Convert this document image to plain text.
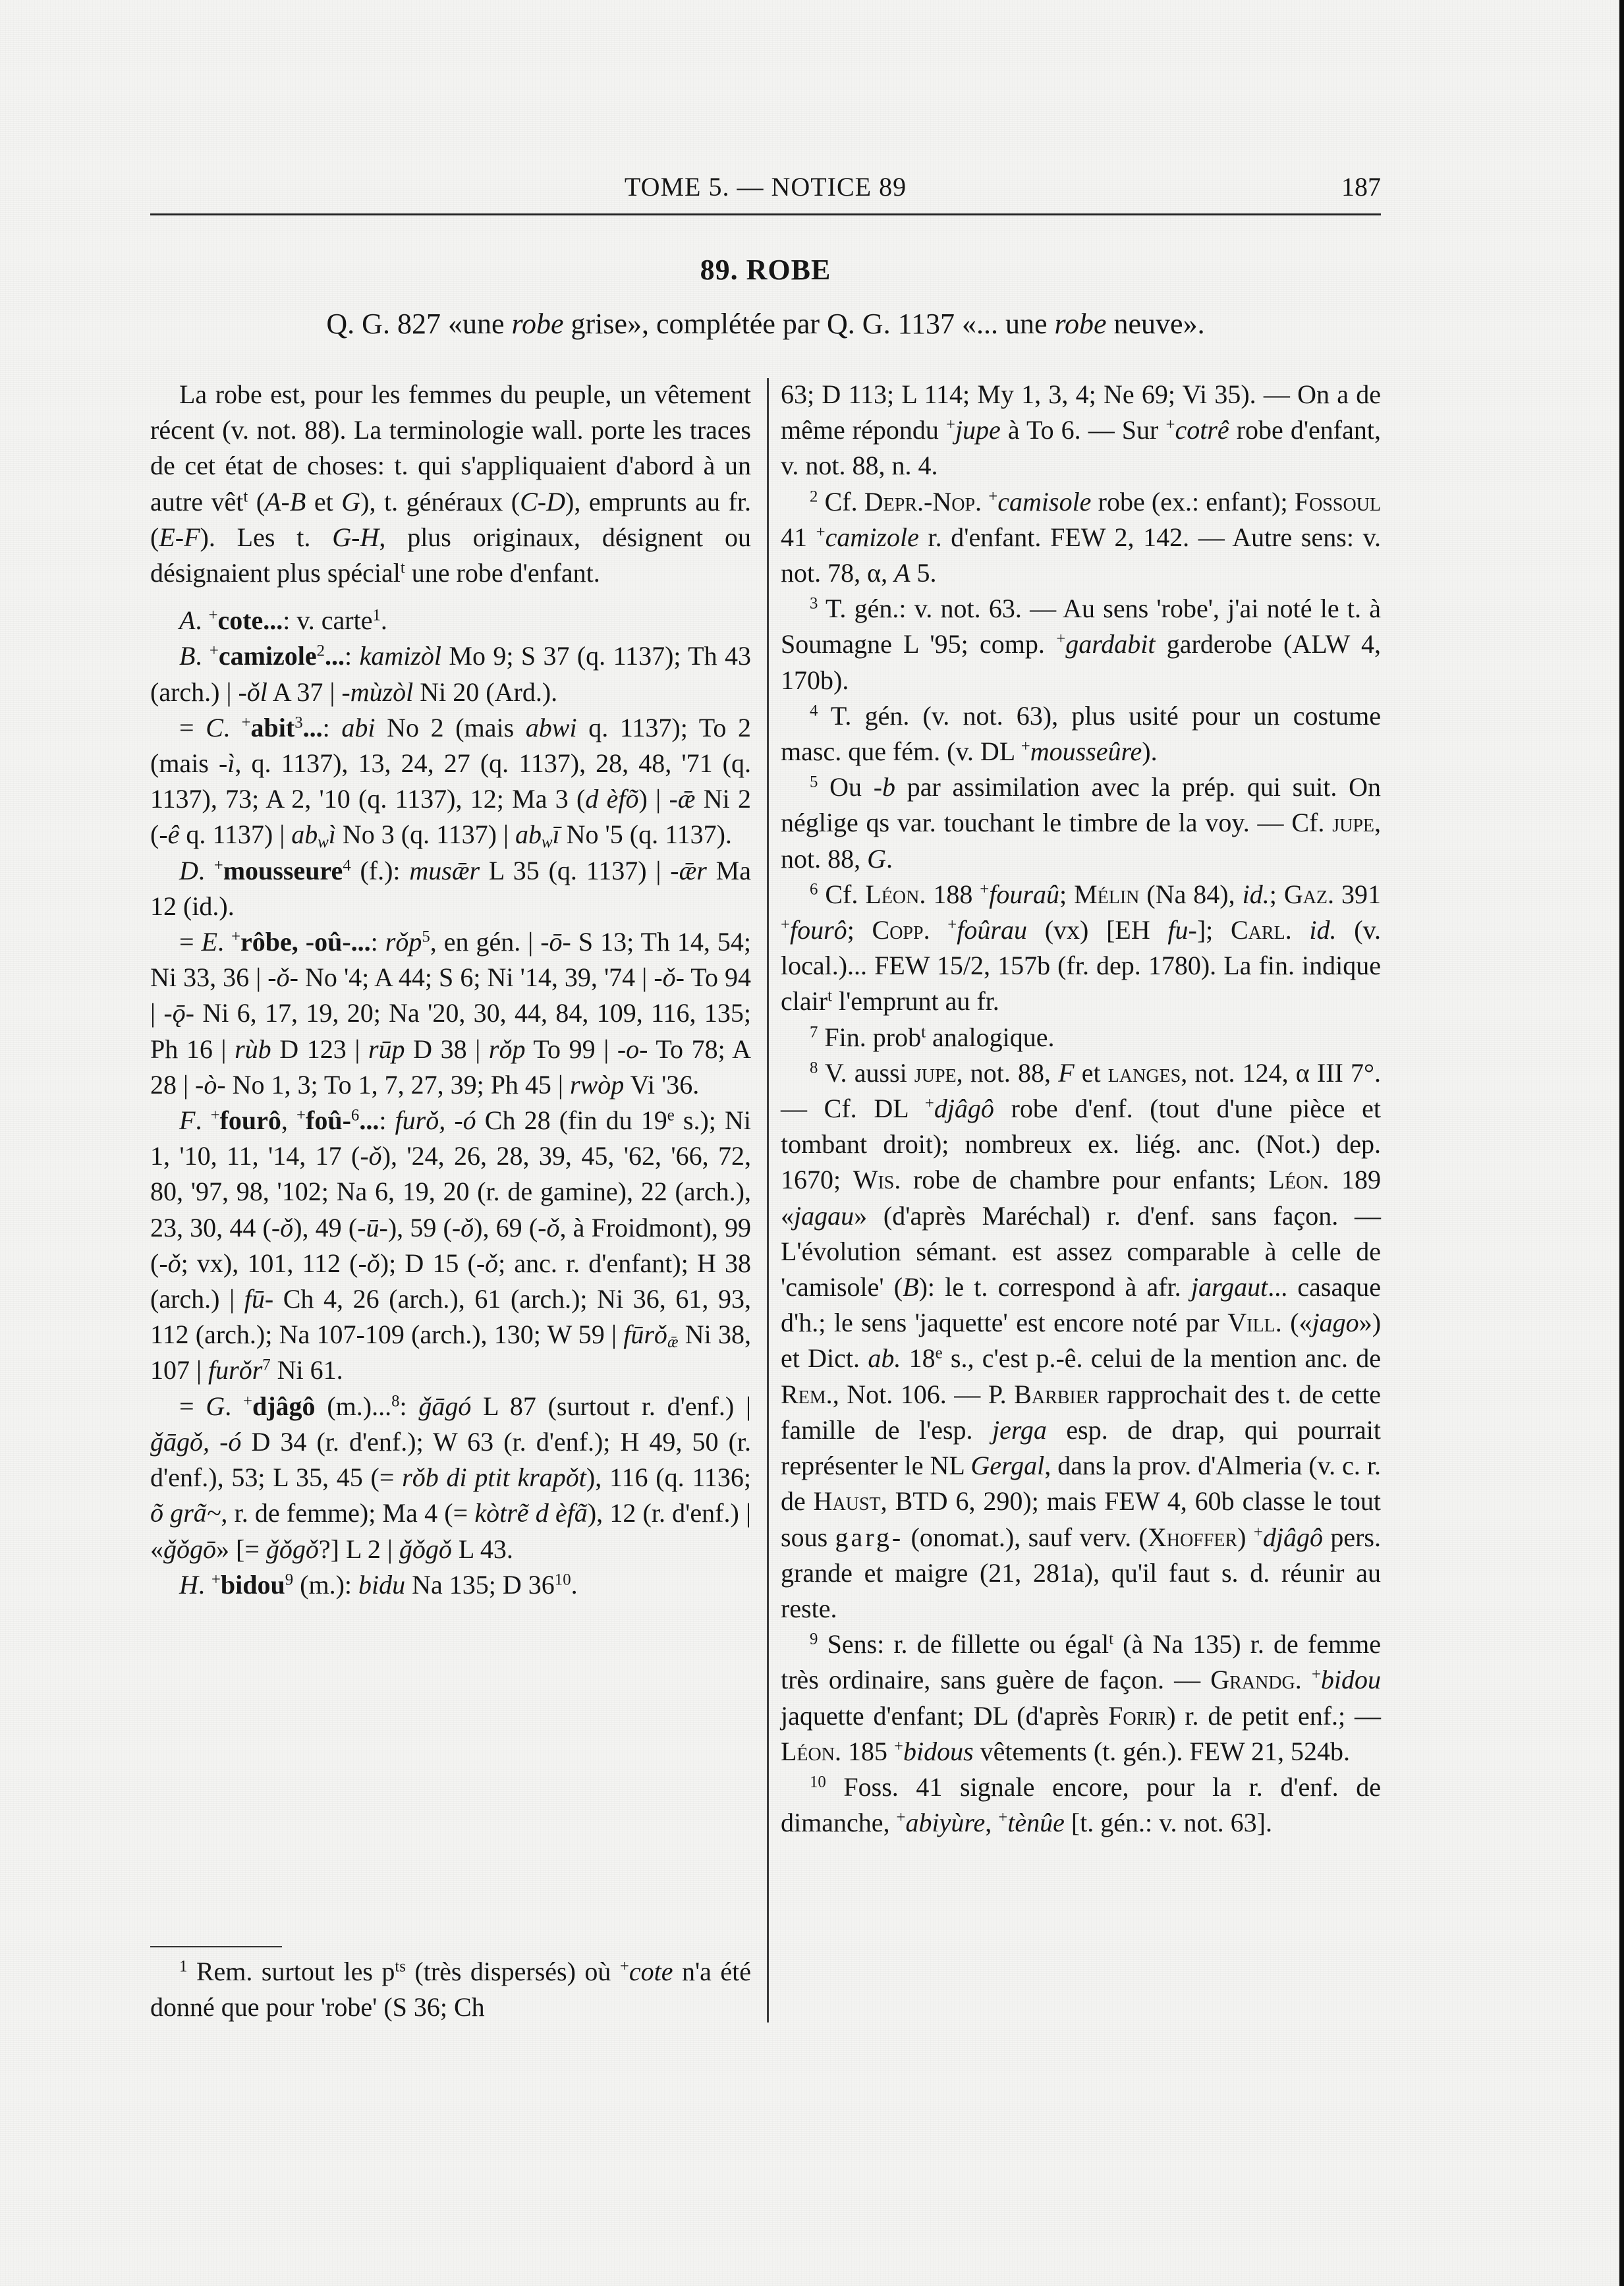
TOME 5. — NOTICE 89	187
89. ROBE
Q. G. 827 «une robe grise», complétée par Q. G. 1137 «... une robe neuve».

La robe est, pour les femmes du peuple, un vêtement récent (v. not. 88). La terminologie wall. porte les traces de cet état de choses: t. qui s'appliquaient d'abord à un autre vêt$^t$ (A-B et G), t. généraux (C-D), emprunts au fr. (E-F). Les t. G-H, plus originaux, désignent ou désignaient plus spécial$^t$ une robe d'enfant.

A. +cote...: v. carte$^1$.

B. +camizole$^2$...: kamizòl Mo 9; S 37 (q. 1137); Th 43 (arch.) | -ǒl A 37 | -mùzòl Ni 20 (Ard.).

= C. +abit$^3$...: abi No 2 (mais abwi q. 1137); To 2 (mais -ì, q. 1137), 13, 24, 27 (q. 1137), 28, 48, '71 (q. 1137), 73; A 2, '10 (q. 1137), 12; Ma 3 (d èfõ) | -ǣ Ni 2 (-ê q. 1137) | $ab_wì$ No 3 (q. 1137) | $ab_wī$ No '5 (q. 1137).

D. +mousseure$^4$ (f.): musǣr L 35 (q. 1137) | -ǣr Ma 12 (id.).

= E. +rôbe, -oû-...: rǒp$^5$, en gén. | -ō- S 13; Th 14, 54; Ni 33, 36 | -ǒ- No '4; A 44; S 6; Ni '14, 39, '74 | -ǒ- To 94 | -ǭ- Ni 6, 17, 19, 20; Na '20, 30, 44, 84, 109, 116, 135; Ph 16 | rùb D 123 | rūp D 38 | rǒp To 99 | -o- To 78; A 28 | -ò- No 1, 3; To 1, 7, 27, 39; Ph 45 | rwòp Vi '36.

F. +fourô, +foû-$^6$...: furǒ, -ó Ch 28 (fin du 19e s.); Ni 1, '10, 11, '14, 17 (-ǒ), '24, 26, 28, 39, 45, '62, '66, 72, 80, '97, 98, '102; Na 6, 19, 20 (r. de gamine), 22 (arch.), 23, 30, 44 (-ǒ), 49 (-ū-), 59 (-ǒ), 69 (-ǒ, à Froidmont), 99 (-ǒ; vx), 101, 112 (-ǒ); D 15 (-ǒ; anc. r. d'enfant); H 38 (arch.) | fū- Ch 4, 26 (arch.), 61 (arch.); Ni 36, 61, 93, 112 (arch.); Na 107-109 (arch.), 130; W 59 | fūrǒ$_ǣ$ Ni 38, 107 | furǒr$^7$ Ni 61.

= G. +djâgô (m.)...$^8$: ǧāgó L 87 (surtout r. d'enf.) | ǧāgǒ, -ó D 34 (r. d'enf.); W 63 (r. d'enf.); H 49, 50 (r. d'enf.), 53; L 35, 45 (= rǒb di ptit krapǒt), 116 (q. 1136; õ grã~, r. de femme); Ma 4 (= kòtrẽ d èfã), 12 (r. d'enf.) | «ǧǒgō» [= ǧǒgǒ?] L 2 | ǧǒgǒ L 43.

H. +bidou$^9$ (m.): bidu Na 135; D $36^{10}$.

$^1$ Rem. surtout les $p^{ts}$ (très dispersés) où +cote n'a été donné que pour 'robe' (S 36; Ch

63; D 113; L 114; My 1, 3, 4; Ne 69; Vi 35). — On a de même répondu +jupe à To 6. — Sur +cotrê robe d'enfant, v. not. 88, n. 4.

$^2$ Cf. Depr.-Nop. +camisole robe (ex.: enfant); Fossoul 41 +camizole r. d'enfant. FEW 2, 142. — Autre sens: v. not. 78, α, A 5.

$^3$ T. gén.: v. not. 63. — Au sens 'robe', j'ai noté le t. à Soumagne L '95; comp. +gardabit garderobe (ALW 4, 170b).

$^4$ T. gén. (v. not. 63), plus usité pour un costume masc. que fém. (v. DL +mousseûre).

$^5$ Ou -b par assimilation avec la prép. qui suit. On néglige qs var. touchant le timbre de la voy. — Cf. jupe, not. 88, G.

$^6$ Cf. Léon. 188 +fouraû; Mélin (Na 84), id.; Gaz. 391 +fourô; Copp. +foûrau (vx) [EH fu-]; Carl. id. (v. local.)... FEW 15/2, 157b (fr. dep. 1780). La fin. indique clair$^t$ l'emprunt au fr.

$^7$ Fin. prob$^t$ analogique.

$^8$ V. aussi jupe, not. 88, F et langes, not. 124, α III 7°. — Cf. DL +djâgô robe d'enf. (tout d'une pièce et tombant droit); nombreux ex. liég. anc. (Not.) dep. 1670; Wis. robe de chambre pour enfants; Léon. 189 «jagau» (d'après Maréchal) r. d'enf. sans façon. — L'évolution sémant. est assez comparable à celle de 'camisole' (B): le t. correspond à afr. jargaut... casaque d'h.; le sens 'jaquette' est encore noté par Vill. («jago») et Dict. ab. 18e s., c'est p.-ê. celui de la mention anc. de Rem., Not. 106. — P. Barbier rapprochait des t. de cette famille de l'esp. jerga esp. de drap, qui pourrait représenter le NL Gergal, dans la prov. d'Almeria (v. c. r. de Haust, BTD 6, 290); mais FEW 4, 60b classe le tout sous garg- (onomat.), sauf verv. (Xhoffer) +djâgô pers. grande et maigre (21, 281a), qu'il faut s. d. réunir au reste.

$^9$ Sens: r. de fillette ou égal$^t$ (à Na 135) r. de femme très ordinaire, sans guère de façon. — Grandg. +bidou jaquette d'enfant; DL (d'après Forir) r. de petit enf.; — Léon. 185 +bidous vêtements (t. gén.). FEW 21, 524b.

$^{10}$ Foss. 41 signale encore, pour la r. d'enf. de dimanche, +abiyùre, +tènûe [t. gén.: v. not. 63].
